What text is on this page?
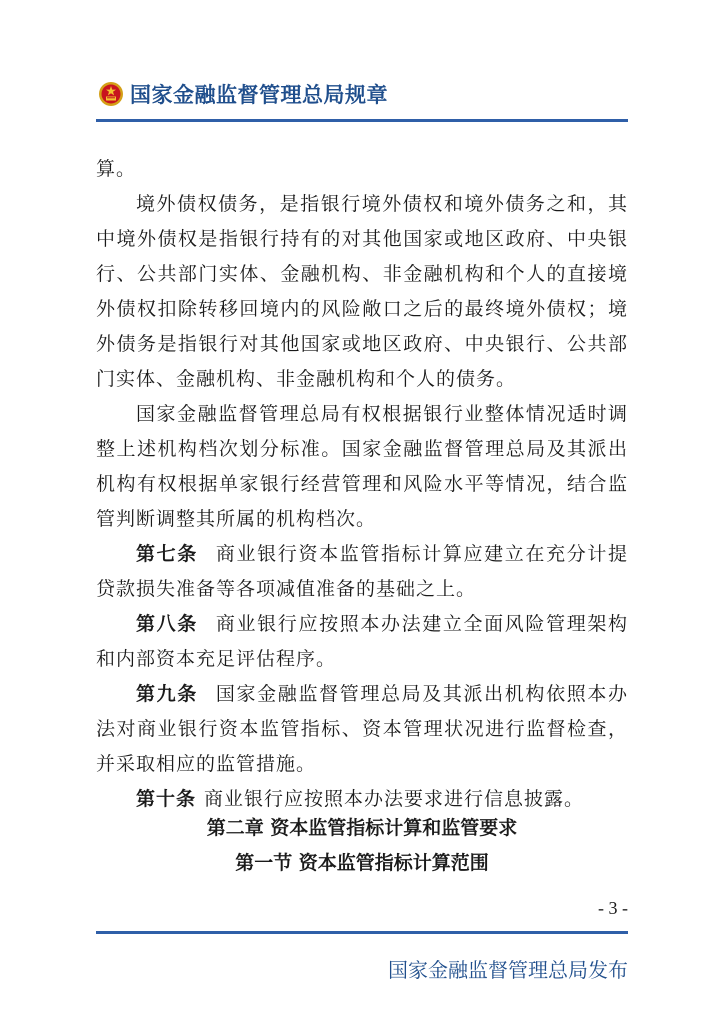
国家金融监督管理总局规章

算。

境外债权债务，是指银行境外债权和境外债务之和，其中境外债权是指银行持有的对其他国家或地区政府、中央银行、公共部门实体、金融机构、非金融机构和个人的直接境外债权扣除转移回境内的风险敞口之后的最终境外债权；境外债务是指银行对其他国家或地区政府、中央银行、公共部门实体、金融机构、非金融机构和个人的债务。

国家金融监督管理总局有权根据银行业整体情况适时调整上述机构档次划分标准。国家金融监督管理总局及其派出机构有权根据单家银行经营管理和风险水平等情况，结合监管判断调整其所属的机构档次。

第七条 商业银行资本监管指标计算应建立在充分计提贷款损失准备等各项减值准备的基础之上。

第八条 商业银行应按照本办法建立全面风险管理架构和内部资本充足评估程序。

第九条 国家金融监督管理总局及其派出机构依照本办法对商业银行资本监管指标、资本管理状况进行监督检查，并采取相应的监管措施。

第十条 商业银行应按照本办法要求进行信息披露。

第二章 资本监管指标计算和监管要求
第一节 资本监管指标计算范围
- 3 -
国家金融监督管理总局发布
